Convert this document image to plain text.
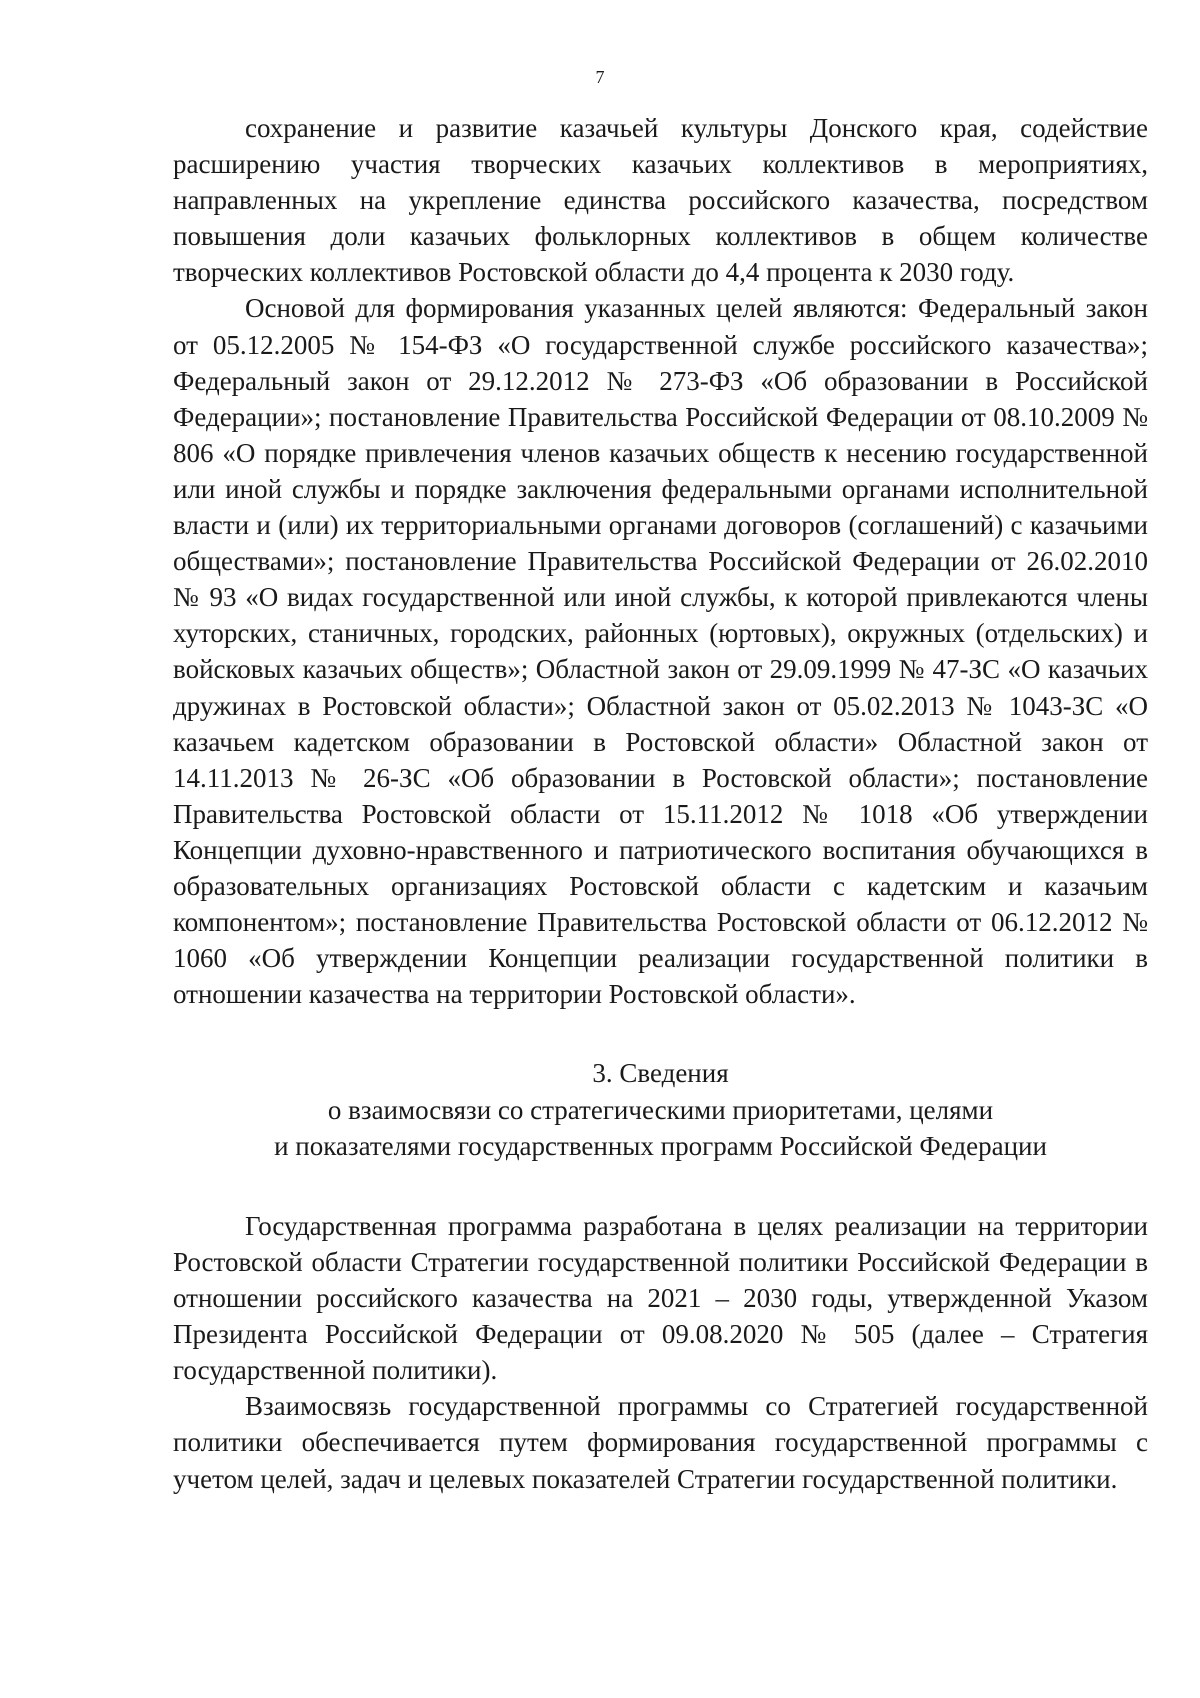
7

сохранение и развитие казачьей культуры Донского края, содействие расширению участия творческих казачьих коллективов в мероприятиях, направленных на укрепление единства российского казачества, посредством повышения доли казачьих фольклорных коллективов в общем количестве творческих коллективов Ростовской области до 4,4 процента к 2030 году.

Основой для формирования указанных целей являются: Федеральный закон от 05.12.2005 № 154-ФЗ «О государственной службе российского казачества»; Федеральный закон от 29.12.2012 № 273-ФЗ «Об образовании в Российской Федерации»; постановление Правительства Российской Федерации от 08.10.2009 № 806 «О порядке привлечения членов казачьих обществ к несению государственной или иной службы и порядке заключения федеральными органами исполнительной власти и (или) их территориальными органами договоров (соглашений) с казачьими обществами»; постановление Правительства Российской Федерации от 26.02.2010 № 93 «О видах государственной или иной службы, к которой привлекаются члены хуторских, станичных, городских, районных (юртовых), окружных (отдельских) и войсковых казачьих обществ»; Областной закон от 29.09.1999 № 47-ЗС «О казачьих дружинах в Ростовской области»; Областной закон от 05.02.2013 № 1043-ЗС «О казачьем кадетском образовании в Ростовской области» Областной закон от 14.11.2013 № 26-ЗС «Об образовании в Ростовской области»; постановление Правительства Ростовской области от 15.11.2012 № 1018 «Об утверждении Концепции духовно-нравственного и патриотического воспитания обучающихся в образовательных организациях Ростовской области с кадетским и казачьим компонентом»; постановление Правительства Ростовской области от 06.12.2012 № 1060 «Об утверждении Концепции реализации государственной политики в отношении казачества на территории Ростовской области».

3. Сведения
о взаимосвязи со стратегическими приоритетами, целями
и показателями государственных программ Российской Федерации

Государственная программа разработана в целях реализации на территории Ростовской области Стратегии государственной политики Российской Федерации в отношении российского казачества на 2021 – 2030 годы, утвержденной Указом Президента Российской Федерации от 09.08.2020 № 505 (далее – Стратегия государственной политики).

Взаимосвязь государственной программы со Стратегией государственной политики обеспечивается путем формирования государственной программы с учетом целей, задач и целевых показателей Стратегии государственной политики.
